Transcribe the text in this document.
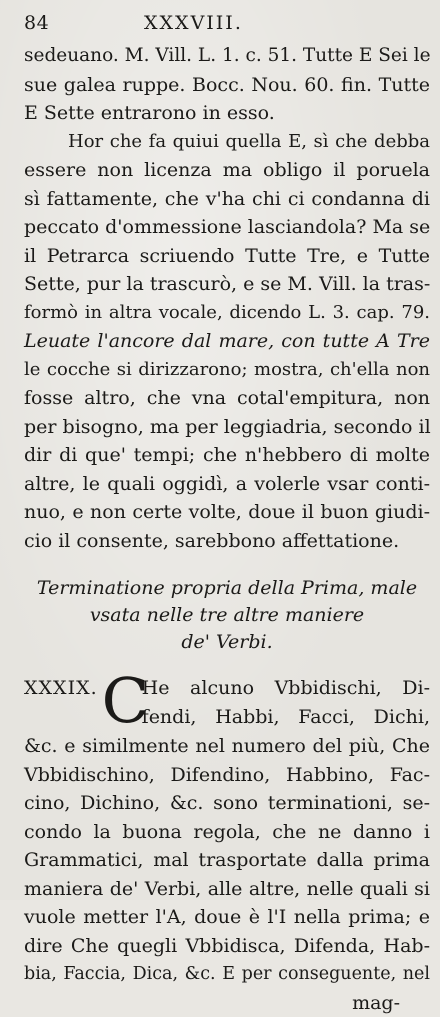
84	XXXVIII.
sedeuano. M. Vill. L. 1. c. 51. Tutte E Sei le
sue galea ruppe. Bocc. Nou. 60. fin. Tutte
E Sette entrarono in esso.
Hor che fa quiui quella E, sì che debba
essere non licenza ma obligo il poruela
sì fattamente, che v'ha chi ci condanna di
peccato d'ommessione lasciandola? Ma se
il Petrarca scriuendo Tutte Tre, e Tutte
Sette, pur la trascurò, e se M. Vill. la tras-
formò in altra vocale, dicendo L. 3. cap. 79.
Leuate l'ancore dal mare, con tutte A Tre
le cocche si dirizzarono; mostra, ch'ella non
fosse altro, che vna cotal'empitura, non
per bisogno, ma per leggiadria, secondo il
dir di que' tempi; che n'hebbero di molte
altre, le quali oggidì, a volerle vsar conti-
nuo, e non certe volte, doue il buon giudi-
cio il consente, sarebbono affettatione.
Terminatione propria della Prima, male
vsata nelle tre altre maniere
de' Verbi.
XXXIX. C
He alcuno Vbbidischi, Di-
fendi, Habbi, Facci, Dichi,
&c. e similmente nel numero del più, Che
Vbbidischino, Difendino, Habbino, Fac-
cino, Dichino, &c. sono terminationi, se-
condo la buona regola, che ne danno i
Grammatici, mal trasportate dalla prima
maniera de' Verbi, alle altre, nelle quali si
vuole metter l'A, doue è l'I nella prima; e
dire Che quegli Vbbidisca, Difenda, Hab-
bia, Faccia, Dica, &c. E per conseguente, nel
mag-
